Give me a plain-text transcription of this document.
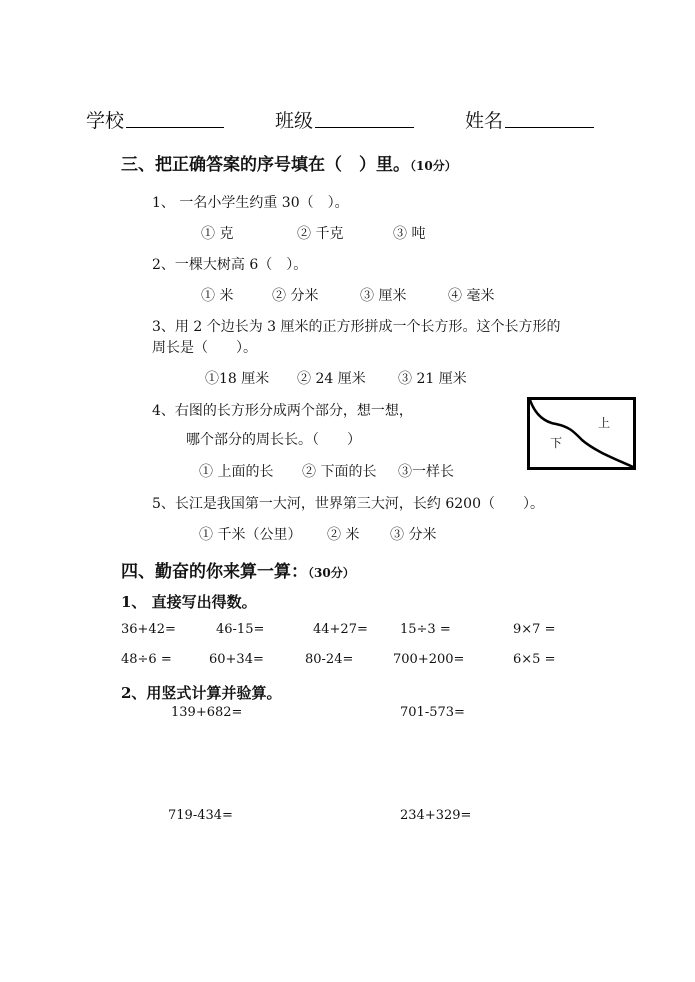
学校	班级	姓名
三、把正确答案的序号填在（　）里。（10分）
1、 一名小学生约重 30（　）。
① 克	② 千克	③ 吨
2、一棵大树高 6（　）。
① 米	② 分米	③ 厘米	④ 毫米
3、用 2 个边长为 3 厘米的正方形拼成一个长方形。这个长方形的
周长是（　　）。
①18 厘米 ② 24 厘米 ③ 21 厘米
4、右图的长方形分成两个部分，想一想，
哪个部分的周长长。（　　）
① 上面的长 ② 下面的长 ③一样长
上
下
5、长江是我国第一大河，世界第三大河，长约 6200（　　）。
① 千米（公里） ② 米 ③ 分米
四、勤奋的你来算一算：（30分）
1、 直接写出得数。
36+42=	46-15=	44+27= 15÷3 =	9×7 =
48÷6 =	60+34=	80-24=	700+200=	6×5 =
2、用竖式计算并验算。
139+682=	701-573=
719-434=	234+329=
